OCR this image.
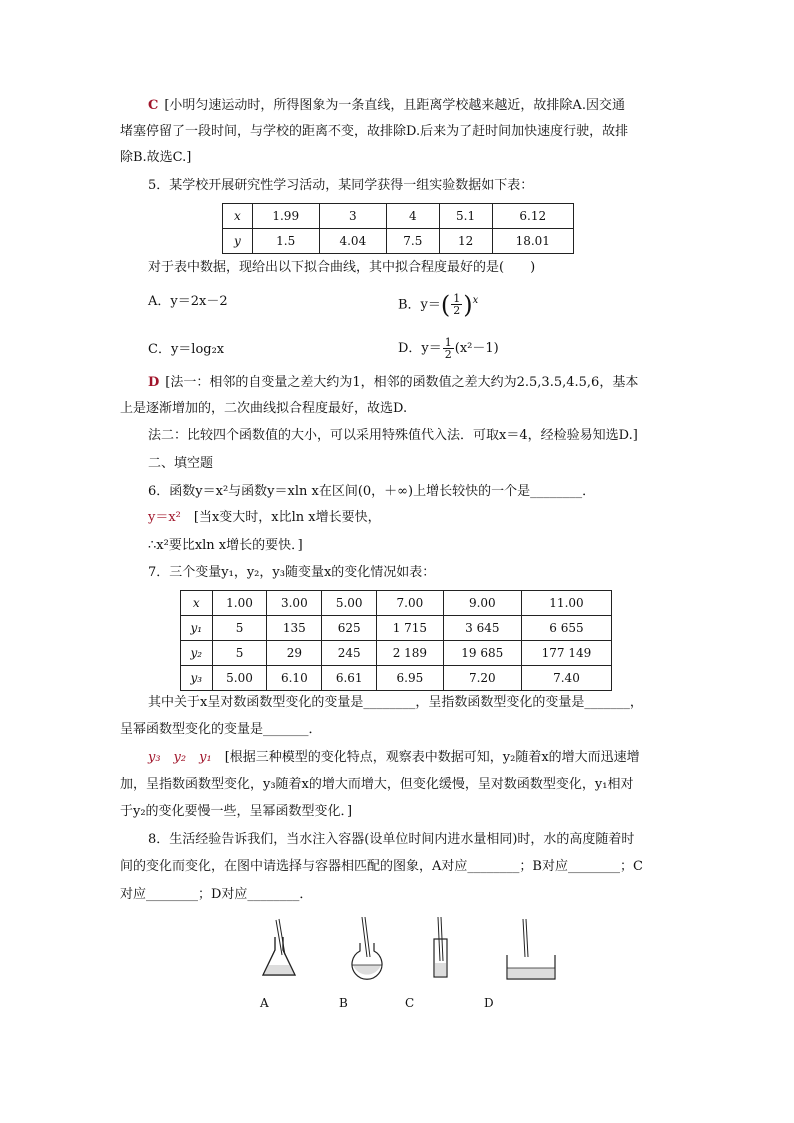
C [小明匀速运动时，所得图象为一条直线，且距离学校越来越近，故排除A.因交通
堵塞停留了一段时间，与学校的距离不变，故排除D.后来为了赶时间加快速度行驶，故排
除B.故选C.]
5．某学校开展研究性学习活动，某同学获得一组实验数据如下表：
x	1.99	3	4	5.1	6.12
y	1.5	4.04	7.5	12	18.01
对于表中数据，现给出以下拟合曲线，其中拟合程度最好的是(　　)
A．y＝2x－2	B．$y=( \frac{1}{2} )^x$
C．y＝log₂x	D．$y= \frac{1}{2} (x^2-1)$
D [法一：相邻的自变量之差大约为1，相邻的函数值之差大约为2.5,3.5,4.5,6，基本
上是逐渐增加的，二次曲线拟合程度最好，故选D.
法二：比较四个函数值的大小，可以采用特殊值代入法．可取x＝4，经检验易知选D.]
二、填空题
6．函数y＝x²与函数y＝xln x在区间(0，＋∞)上增长较快的一个是________．
y＝x²　 [当x变大时，x比ln x增长要快，
∴x²要比xln x增长的要快．]
7．三个变量y₁，y₂，y₃随变量x的变化情况如表：
x	1.00	3.00	5.00	7.00	9.00	11.00
y₁	5	135	625	1 715	3 645	6 655
y₂	5	29	245	2 189	19 685	177 149
y₃	5.00	6.10	6.61	6.95	7.20	7.40
其中关于x呈对数函数型变化的变量是________，呈指数函数型变化的变量是_______，
呈幂函数型变化的变量是_______．
y₃　y₂　y₁　 [根据三种模型的变化特点，观察表中数据可知，y₂随着x的增大而迅速增
加，呈指数函数型变化，y₃随着x的增大而增大，但变化缓慢，呈对数函数型变化，y₁相对
于y₂的变化要慢一些，呈幂函数型变化．]
8．生活经验告诉我们，当水注入容器(设单位时间内进水量相同)时，水的高度随着时
间的变化而变化，在图中请选择与容器相匹配的图象，A对应________；B对应________；C
对应________；D对应________．
A	B	C	D
